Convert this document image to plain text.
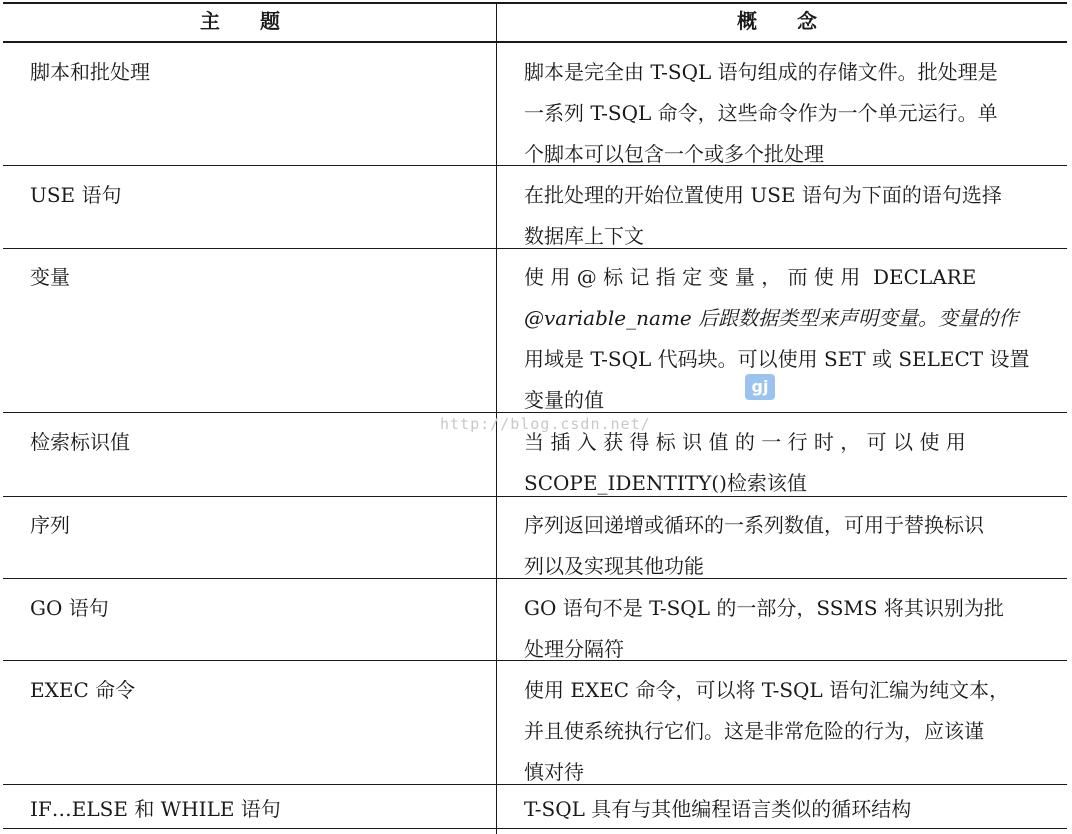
主　　题	概　　念
脚本和批处理	脚本是完全由 T-SQL 语句组成的存储文件。批处理是
一系列 T-SQL 命令，这些命令作为一个单元运行。单
个脚本可以包含一个或多个批处理
USE 语句	在批处理的开始位置使用 USE 语句为下面的语句选择
数据库上下文
变量	使 用 @ 标 记 指 定 变 量 ， 而 使 用  DECLARE
@variable_name 后跟数据类型来声明变量。变量的作
用域是 T-SQL 代码块。可以使用 SET 或 SELECT 设置
变量的值
检索标识值	当 插 入 获 得 标 识 值 的 一 行 时 ， 可 以 使 用
SCOPE_IDENTITY()检索该值
序列	序列返回递增或循环的一系列数值，可用于替换标识
列以及实现其他功能
GO 语句	GO 语句不是 T-SQL 的一部分，SSMS 将其识别为批
处理分隔符
EXEC 命令	使用 EXEC 命令，可以将 T-SQL 语句汇编为纯文本，
并且使系统执行它们。这是非常危险的行为，应该谨
慎对待
IF…ELSE 和 WHILE 语句	T-SQL 具有与其他编程语言类似的循环结构
http://blog.csdn.net/
gj
